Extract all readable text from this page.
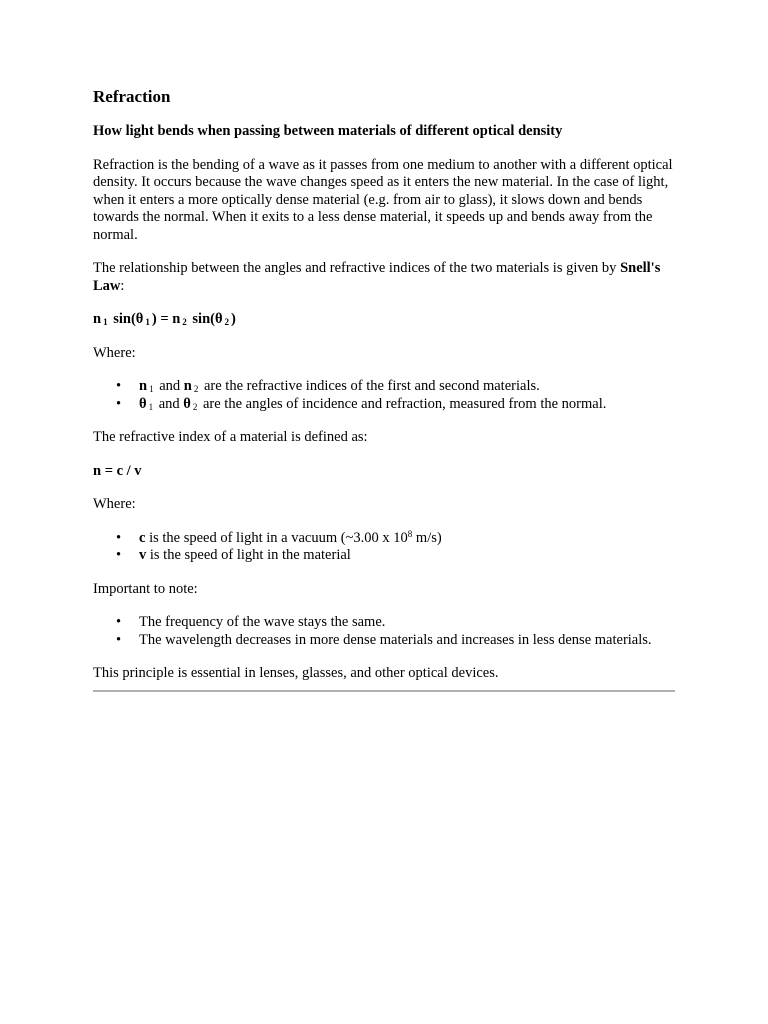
Refraction
How light bends when passing between materials of different optical density

Refraction is the bending of a wave as it passes from one medium to another with a different optical density. It occurs because the wave changes speed as it enters the new material. In the case of light, when it enters a more optically dense material (e.g. from air to glass), it slows down and bends towards the normal. When it exits to a less dense material, it speeds up and bends away from the normal.

The relationship between the angles and refractive indices of the two materials is given by Snell's Law:

n $_1$ sin(θ $_1$ ) = n $_2$ sin(θ $_2$ )

Where:

• n $_1$ and n $_2$ are the refractive indices of the first and second materials.
• θ $_1$ and θ $_2$ are the angles of incidence and refraction, measured from the normal.

The refractive index of a material is defined as:

n = c / v

Where:

• c is the speed of light in a vacuum (~3.00 x $10^8$ m/s)
• v is the speed of light in the material

Important to note:

• The frequency of the wave stays the same.
• The wavelength decreases in more dense materials and increases in less dense materials.

This principle is essential in lenses, glasses, and other optical devices.
